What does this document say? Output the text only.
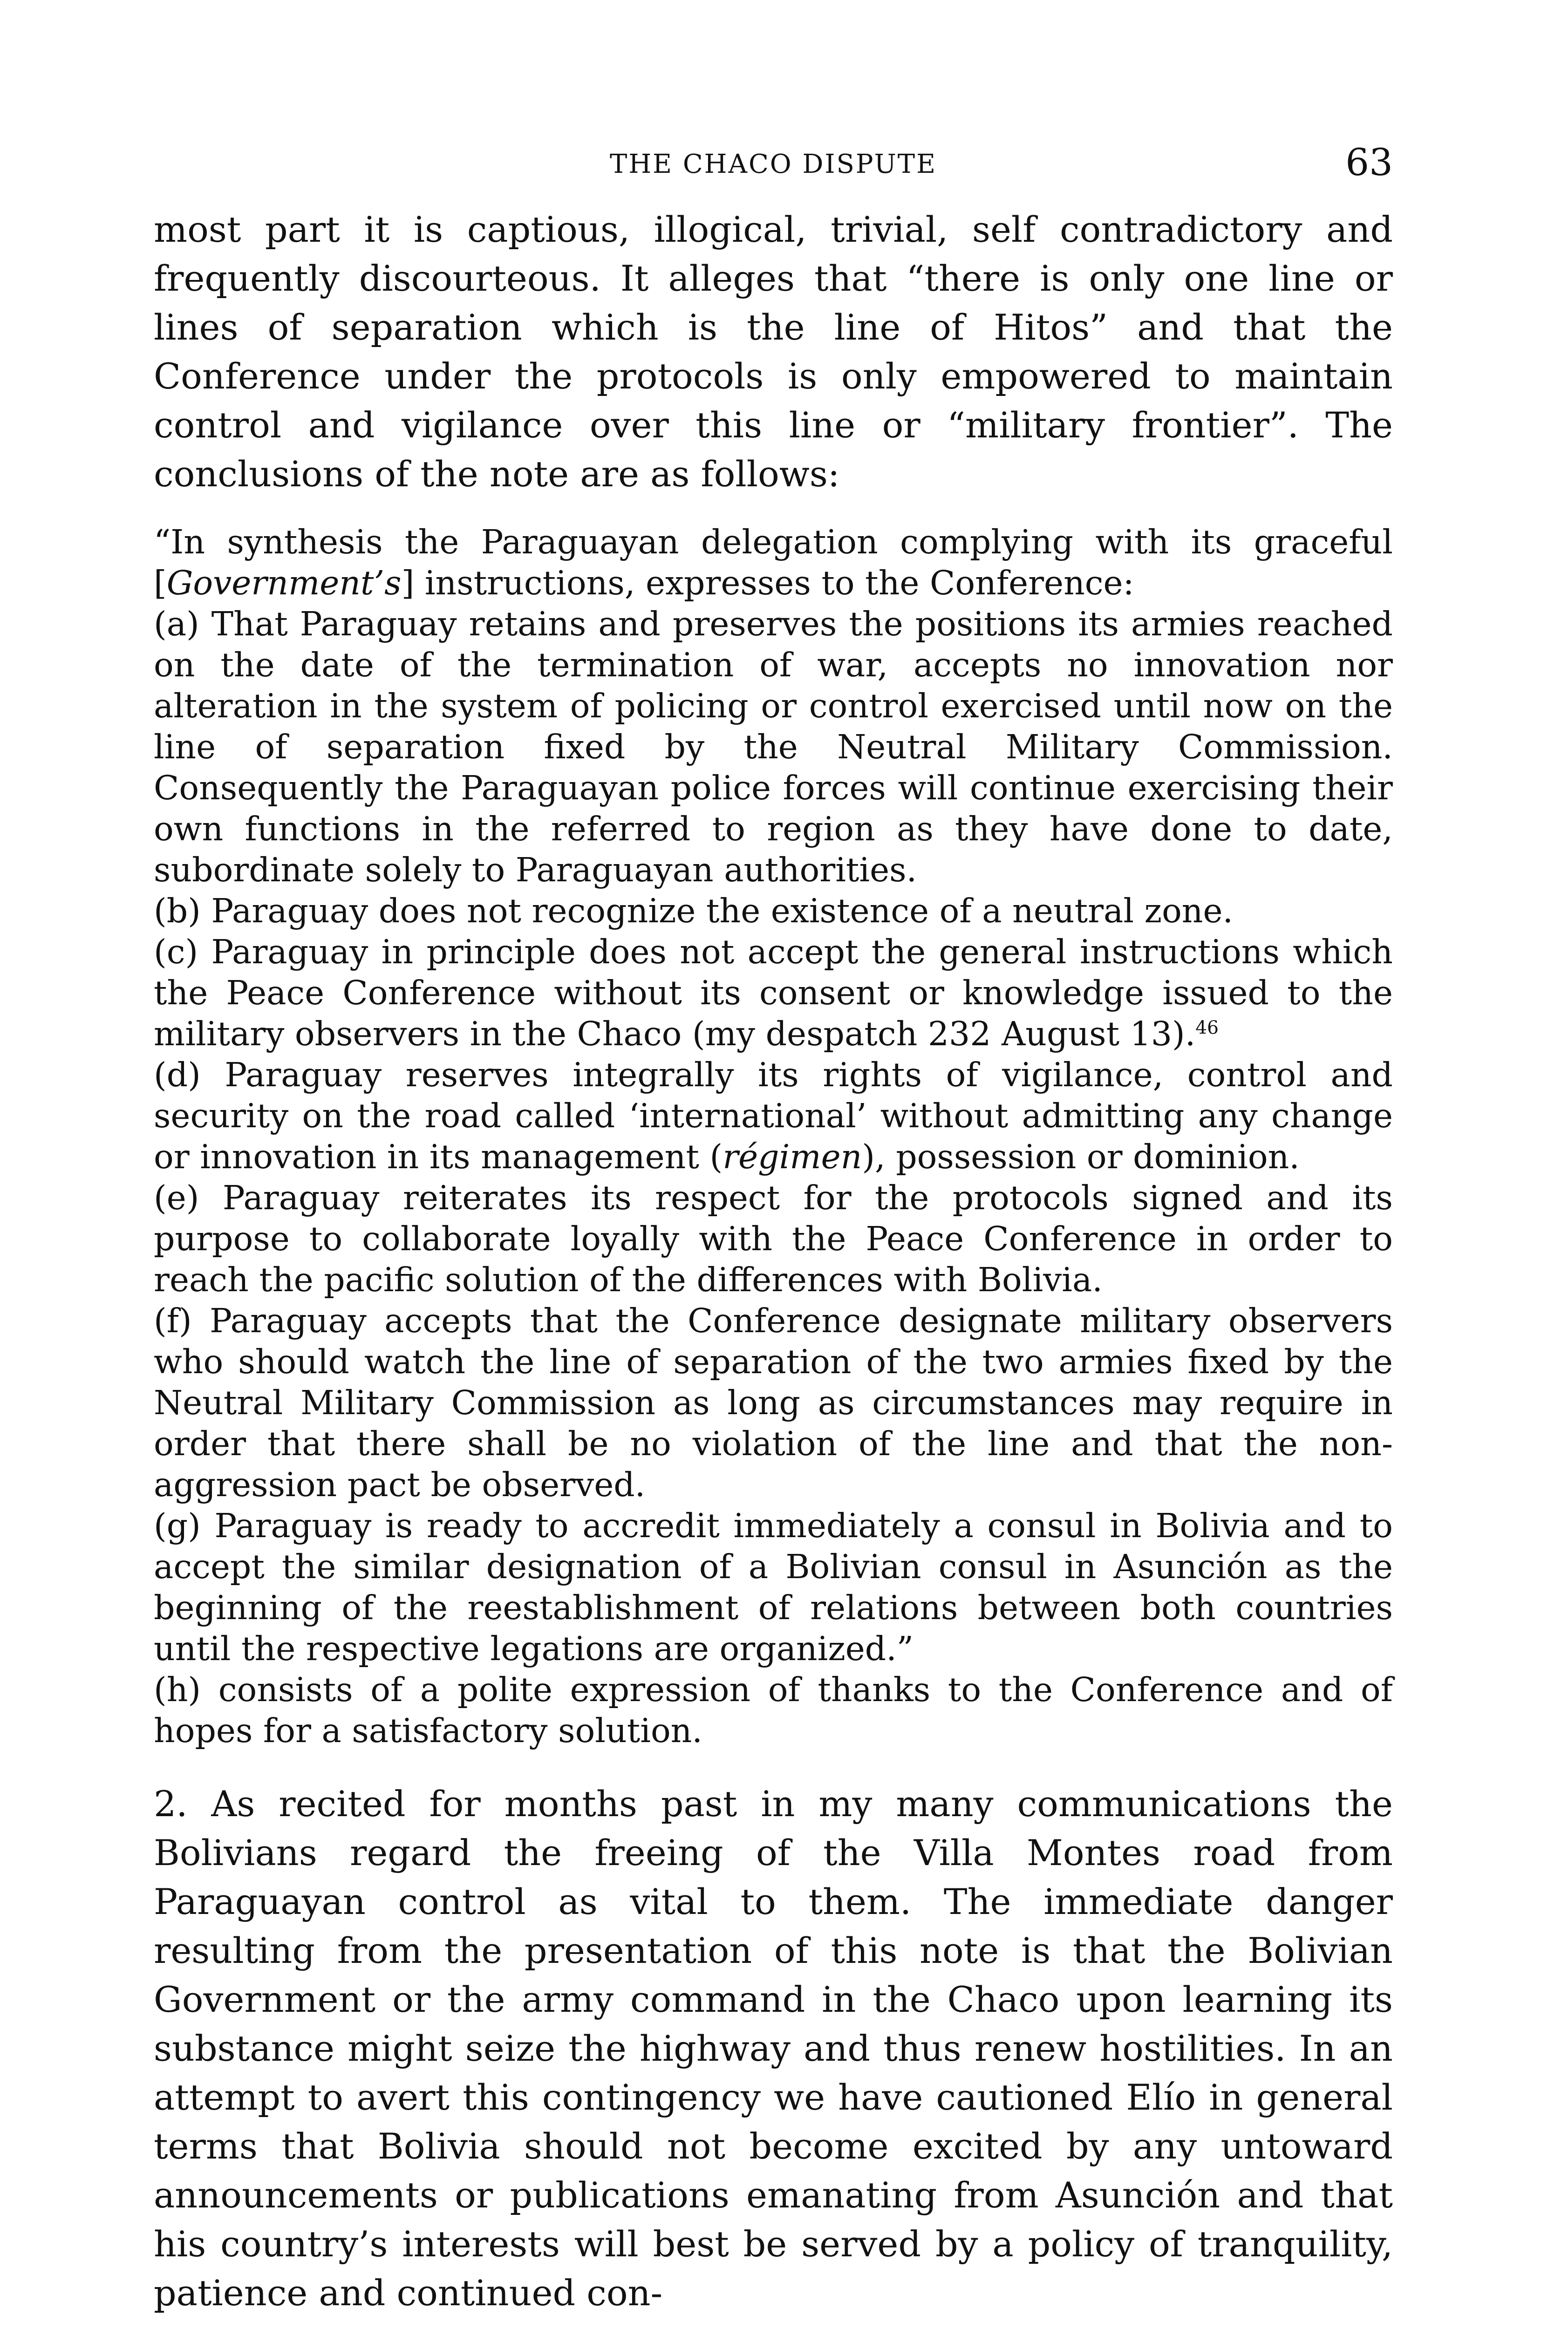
THE CHACO DISPUTE	63

most part it is captious, illogical, trivial, self contradictory and frequently discourteous. It alleges that “there is only one line or lines of separation which is the line of Hitos” and that the Conference under the protocols is only empowered to maintain control and vigilance over this line or “military frontier”. The conclusions of the note are as follows:

“In synthesis the Paraguayan delegation complying with its graceful [Government’s] instructions, expresses to the Conference:

(a) That Paraguay retains and preserves the positions its armies reached on the date of the termination of war, accepts no innovation nor alteration in the system of policing or control exercised until now on the line of separation fixed by the Neutral Military Commission. Consequently the Paraguayan police forces will continue exercising their own functions in the referred to region as they have done to date, subordinate solely to Paraguayan authorities.

(b) Paraguay does not recognize the existence of a neutral zone.

(c) Paraguay in principle does not accept the general instructions which the Peace Conference without its consent or knowledge issued to the military observers in the Chaco (my despatch 232 August 13).$^{46}$

(d) Paraguay reserves integrally its rights of vigilance, control and security on the road called ‘international’ without admitting any change or innovation in its management (régimen), possession or dominion.

(e) Paraguay reiterates its respect for the protocols signed and its purpose to collaborate loyally with the Peace Conference in order to reach the pacific solution of the differences with Bolivia.

(f) Paraguay accepts that the Conference designate military observers who should watch the line of separation of the two armies fixed by the Neutral Military Commission as long as circumstances may require in order that there shall be no violation of the line and that the non-aggression pact be observed.

(g) Paraguay is ready to accredit immediately a consul in Bolivia and to accept the similar designation of a Bolivian consul in Asunción as the beginning of the reestablishment of relations between both countries until the respective legations are organized.”

(h) consists of a polite expression of thanks to the Conference and of hopes for a satisfactory solution.

2. As recited for months past in my many communications the Bolivians regard the freeing of the Villa Montes road from Paraguayan control as vital to them. The immediate danger resulting from the presentation of this note is that the Bolivian Government or the army command in the Chaco upon learning its substance might seize the highway and thus renew hostilities. In an attempt to avert this contingency we have cautioned Elío in general terms that Bolivia should not become excited by any untoward announcements or publications emanating from Asunción and that his country’s interests will best be served by a policy of tranquility, patience and continued con-
